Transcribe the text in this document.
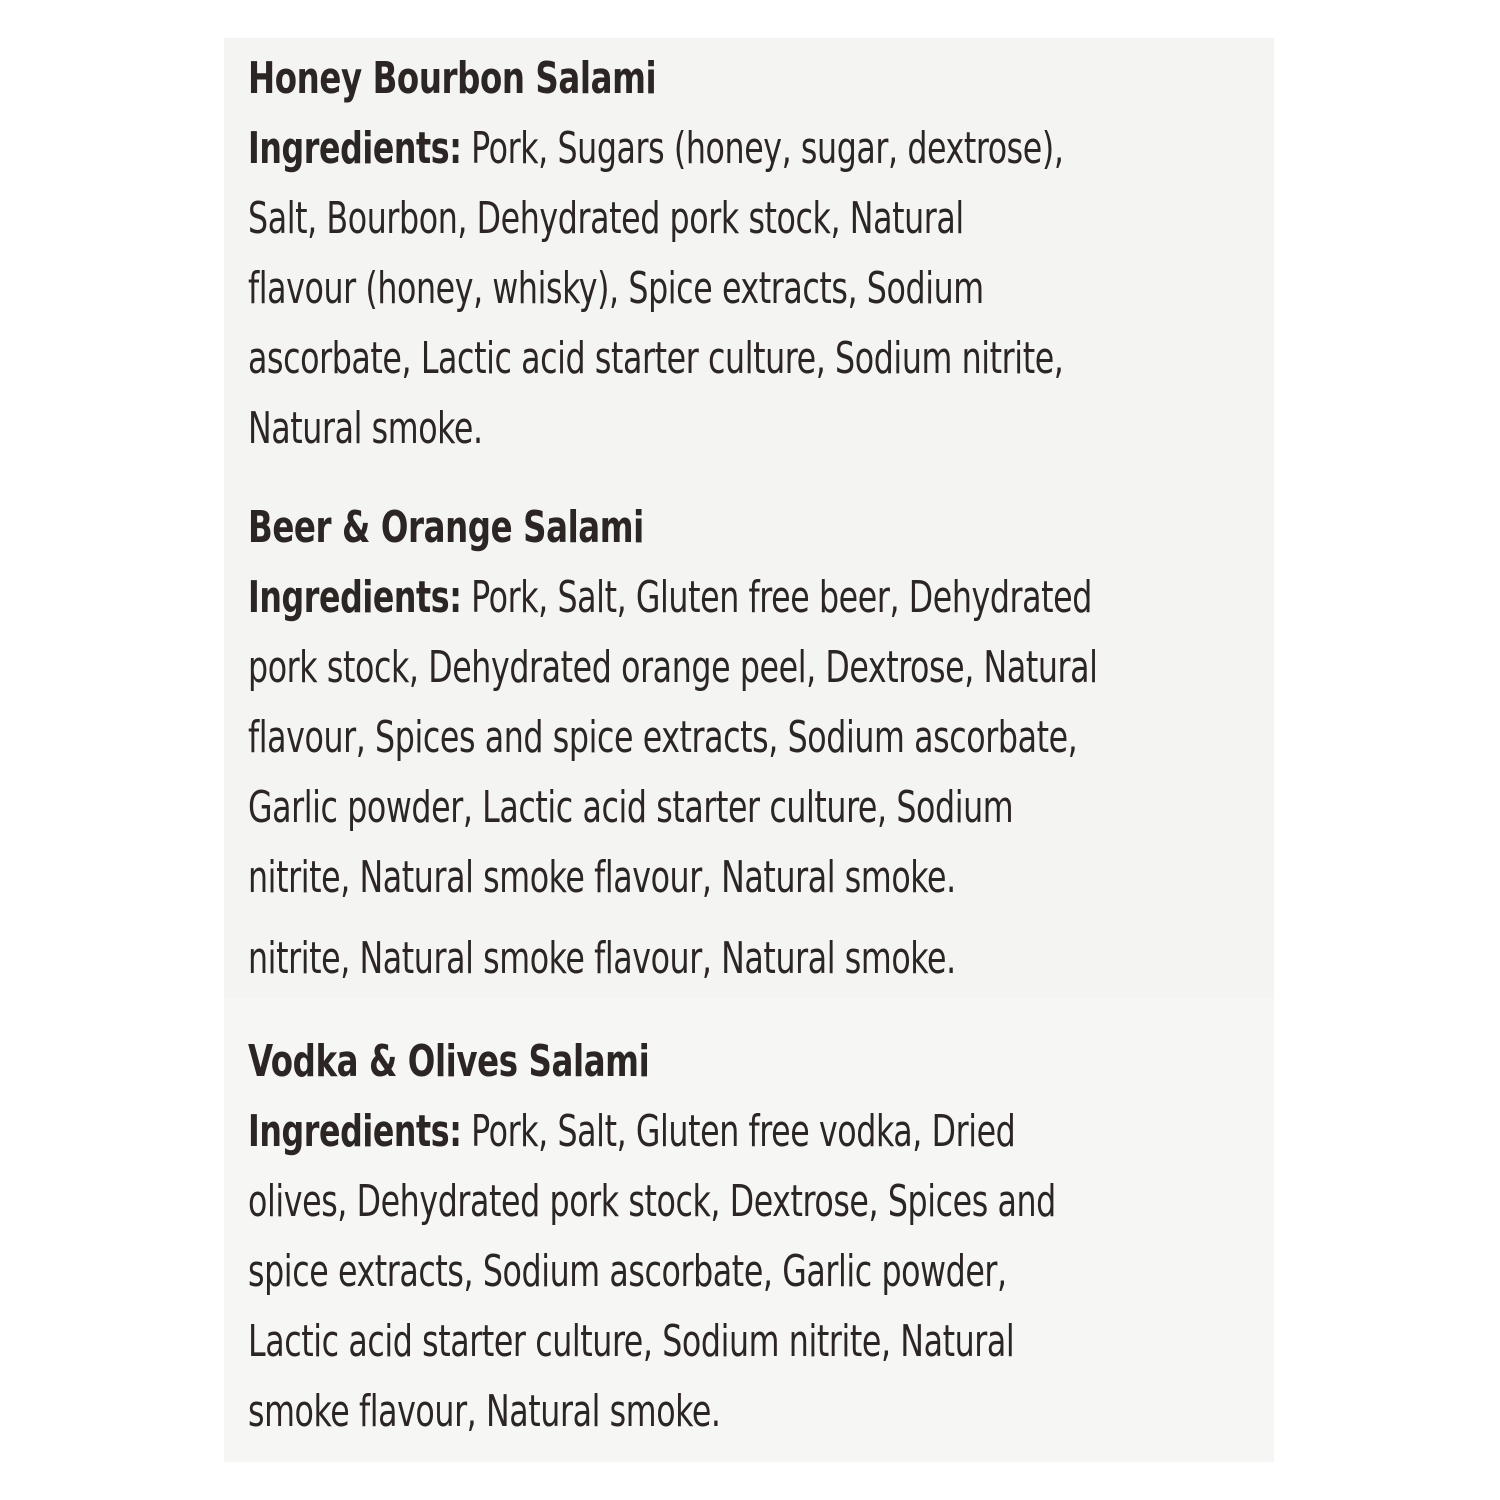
Honey Bourbon Salami
Ingredients: Pork, Sugars (honey, sugar, dextrose),
Salt, Bourbon, Dehydrated pork stock, Natural
flavour (honey, whisky), Spice extracts, Sodium
ascorbate, Lactic acid starter culture, Sodium nitrite,
Natural smoke.
Beer & Orange Salami
Ingredients: Pork, Salt, Gluten free beer, Dehydrated
pork stock, Dehydrated orange peel, Dextrose, Natural
flavour, Spices and spice extracts, Sodium ascorbate,
Garlic powder, Lactic acid starter culture, Sodium
nitrite, Natural smoke flavour, Natural smoke.

nitrite, Natural smoke flavour, Natural smoke.

Vodka & Olives Salami
Ingredients: Pork, Salt, Gluten free vodka, Dried
olives, Dehydrated pork stock, Dextrose, Spices and
spice extracts, Sodium ascorbate, Garlic powder,
Lactic acid starter culture, Sodium nitrite, Natural
smoke flavour, Natural smoke.
